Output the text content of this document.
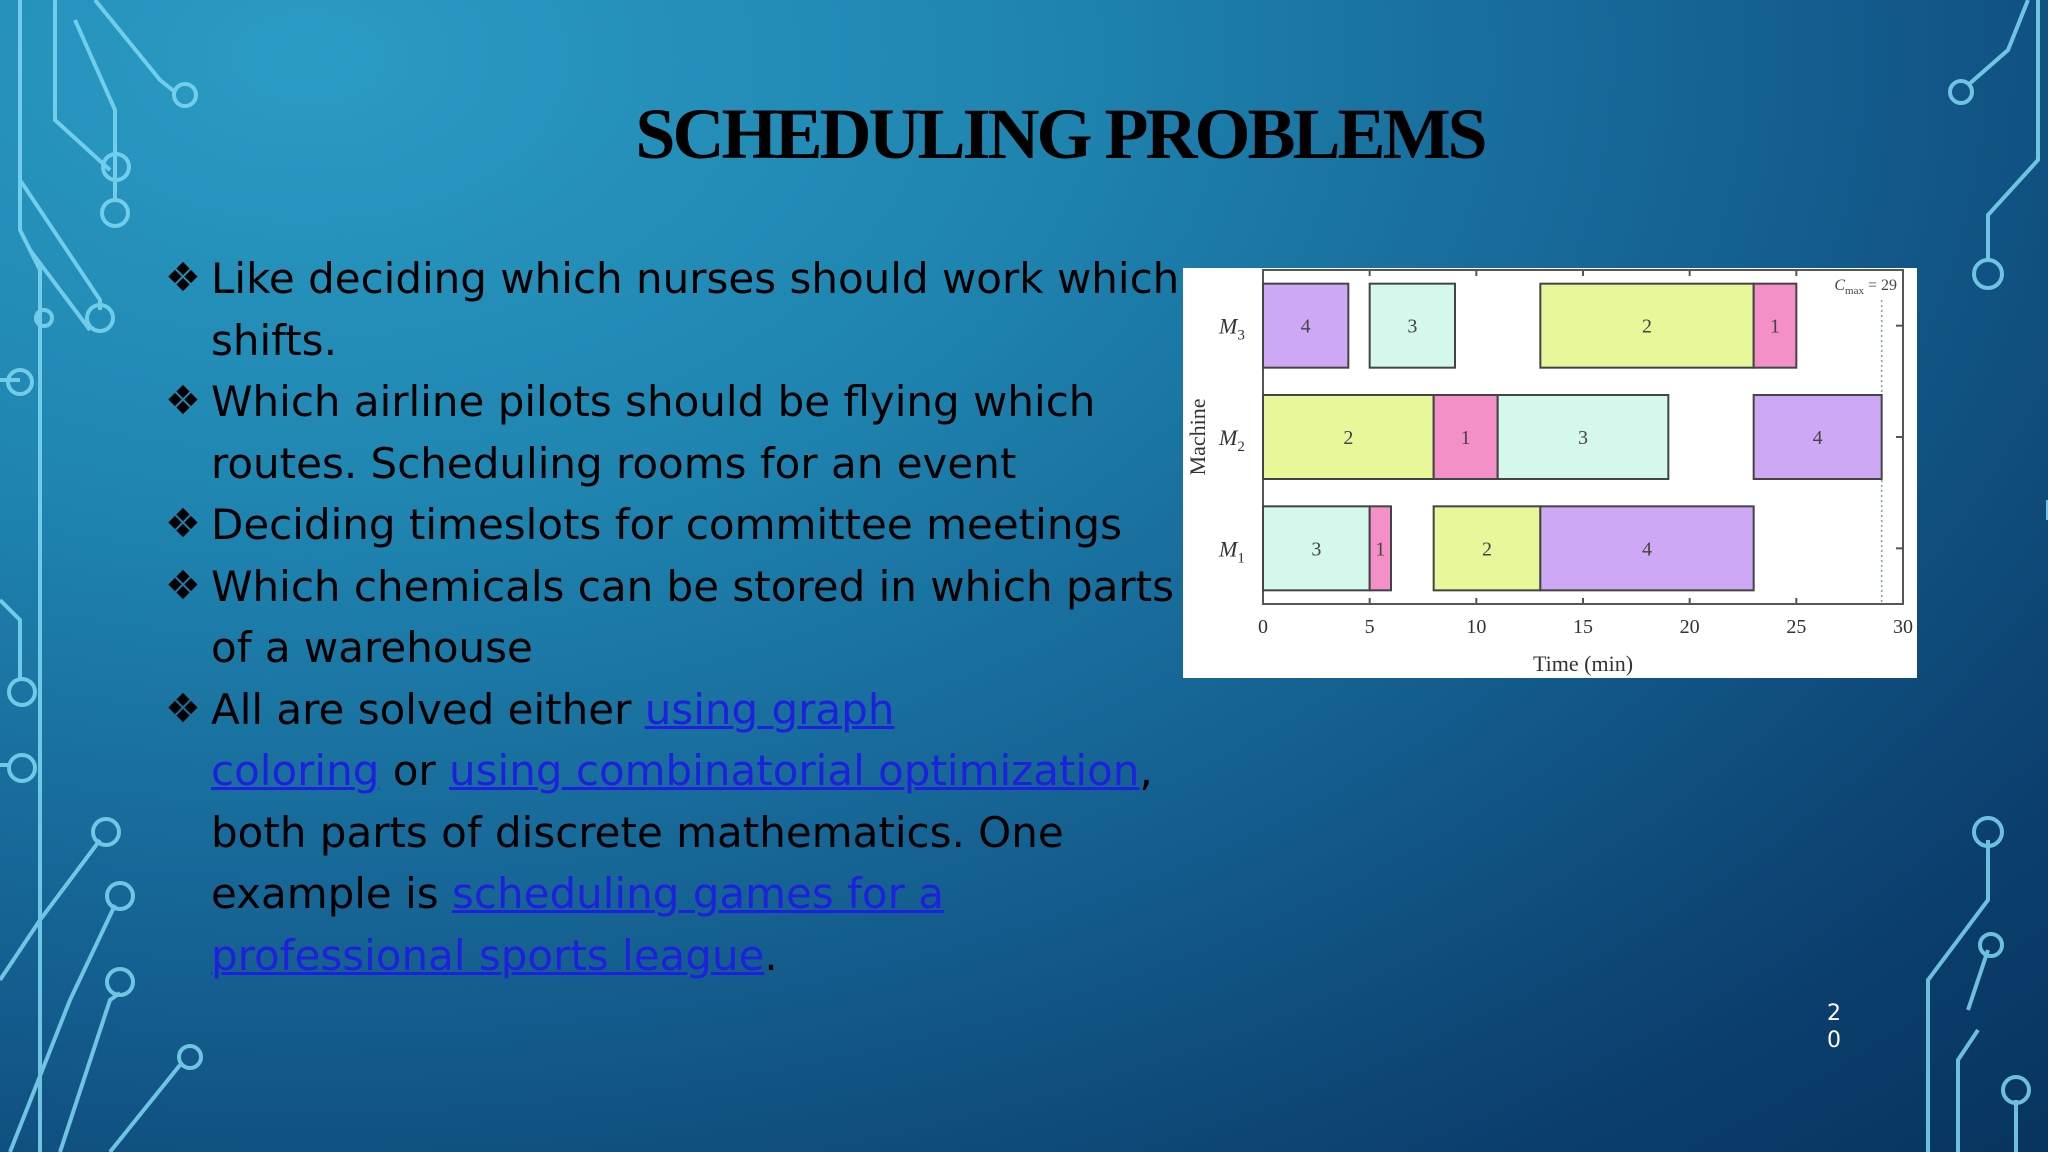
SCHEDULING PROBLEMS
❖ Like deciding which nurses should work which
shifts.
❖ Which airline pilots should be flying which
routes. Scheduling rooms for an event
❖ Deciding timeslots for committee meetings
❖ Which chemicals can be stored in which parts
of a warehouse
❖ All are solved either using graph
coloring or using combinatorial optimization,
both parts of discrete mathematics. One
example is scheduling games for a
professional sports league.
0	5	10	15	20	25	30
Time (min)
Machine
$C_{max} = 29$
$M_3$	4	3	2	1
$M_2$	2	1	3	4
$M_1$	3	1	2	4
2
0
